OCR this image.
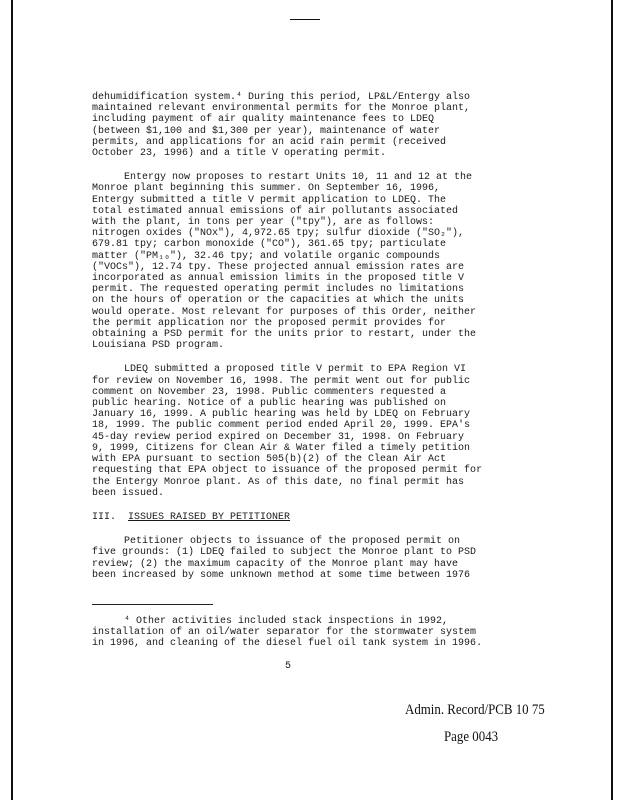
dehumidification system.⁴ During this period, LP&L/Entergy also
maintained relevant environmental permits for the Monroe plant,
including payment of air quality maintenance fees to LDEQ
(between $1,100 and $1,300 per year), maintenance of water
permits, and applications for an acid rain permit (received
October 23, 1996) and a title V operating permit.

Entergy now proposes to restart Units 10, 11 and 12 at the
Monroe plant beginning this summer. On September 16, 1996,
Entergy submitted a title V permit application to LDEQ. The
total estimated annual emissions of air pollutants associated
with the plant, in tons per year ("tpy"), are as follows:
nitrogen oxides ("NOx"), 4,972.65 tpy; sulfur dioxide ("SO₂"),
679.81 tpy; carbon monoxide ("CO"), 361.65 tpy; particulate
matter ("PM₁₀"), 32.46 tpy; and volatile organic compounds
("VOCs"), 12.74 tpy. These projected annual emission rates are
incorporated as annual emission limits in the proposed title V
permit. The requested operating permit includes no limitations
on the hours of operation or the capacities at which the units
would operate. Most relevant for purposes of this Order, neither
the permit application nor the proposed permit provides for
obtaining a PSD permit for the units prior to restart, under the
Louisiana PSD program.

LDEQ submitted a proposed title V permit to EPA Region VI
for review on November 16, 1998. The permit went out for public
comment on November 23, 1998. Public commenters requested a
public hearing. Notice of a public hearing was published on
January 16, 1999. A public hearing was held by LDEQ on February
18, 1999. The public comment period ended April 20, 1999. EPA's
45-day review period expired on December 31, 1998. On February
9, 1999, Citizens for Clean Air & Water filed a timely petition
with EPA pursuant to section 505(b)(2) of the Clean Air Act
requesting that EPA object to issuance of the proposed permit for
the Entergy Monroe plant. As of this date, no final permit has
been issued.

III. ISSUES RAISED BY PETITIONER

Petitioner objects to issuance of the proposed permit on
five grounds: (1) LDEQ failed to subject the Monroe plant to PSD
review; (2) the maximum capacity of the Monroe plant may have
been increased by some unknown method at some time between 1976

⁴ Other activities included stack inspections in 1992,
installation of an oil/water separator for the stormwater system
in 1996, and cleaning of the diesel fuel oil tank system in 1996.
5
Admin. Record/PCB 10 75
Page 0043
